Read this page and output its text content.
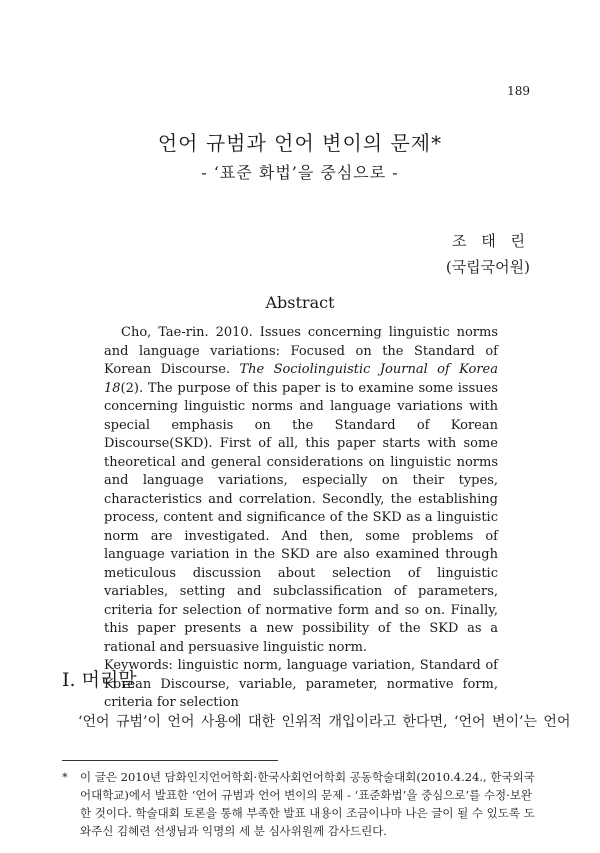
189
언어 규범과 언어 변이의 문제*
- ‘표준 화법’을 중심으로 -
조 태 린
(국립국어원)
Abstract

Cho, Tae-rin. 2010. Issues concerning linguistic norms and language variations: Focused on the Standard of Korean Discourse. The Sociolinguistic Journal of Korea 18(2). The purpose of this paper is to examine some issues concerning linguistic norms and language variations with special emphasis on the Standard of Korean Discourse(SKD). First of all, this paper starts with some theoretical and general considerations on linguistic norms and language variations, especially on their types, characteristics and correlation. Secondly, the establishing process, content and significance of the SKD as a linguistic norm are investigated. And then, some problems of language variation in the SKD are also examined through meticulous discussion about selection of linguistic variables, setting and subclassification of parameters, criteria for selection of normative form and so on. Finally, this paper presents a new possibility of the SKD as a rational and persuasive linguistic norm.

Keywords: linguistic norm, language variation, Standard of Korean Discourse, variable, parameter, normative form, criteria for selection

I. 머리말
‘언어 규범’이 언어 사용에 대한 인위적 개입이라고 한다면, ‘언어 변이’는 언어
* 이 글은 2010년 담화인지언어학회·한국사회언어학회 공동학술대회(2010.4.24., 한국외국어대학교)에서 발표한 ‘언어 규범과 언어 변이의 문제 - ‘표준화법’을 중심으로’를 수정·보완한 것이다. 학술대회 토론을 통해 부족한 발표 내용이 조금이나마 나은 글이 될 수 있도록 도와주신 김혜련 선생님과 익명의 세 분 심사위원께 감사드린다.
